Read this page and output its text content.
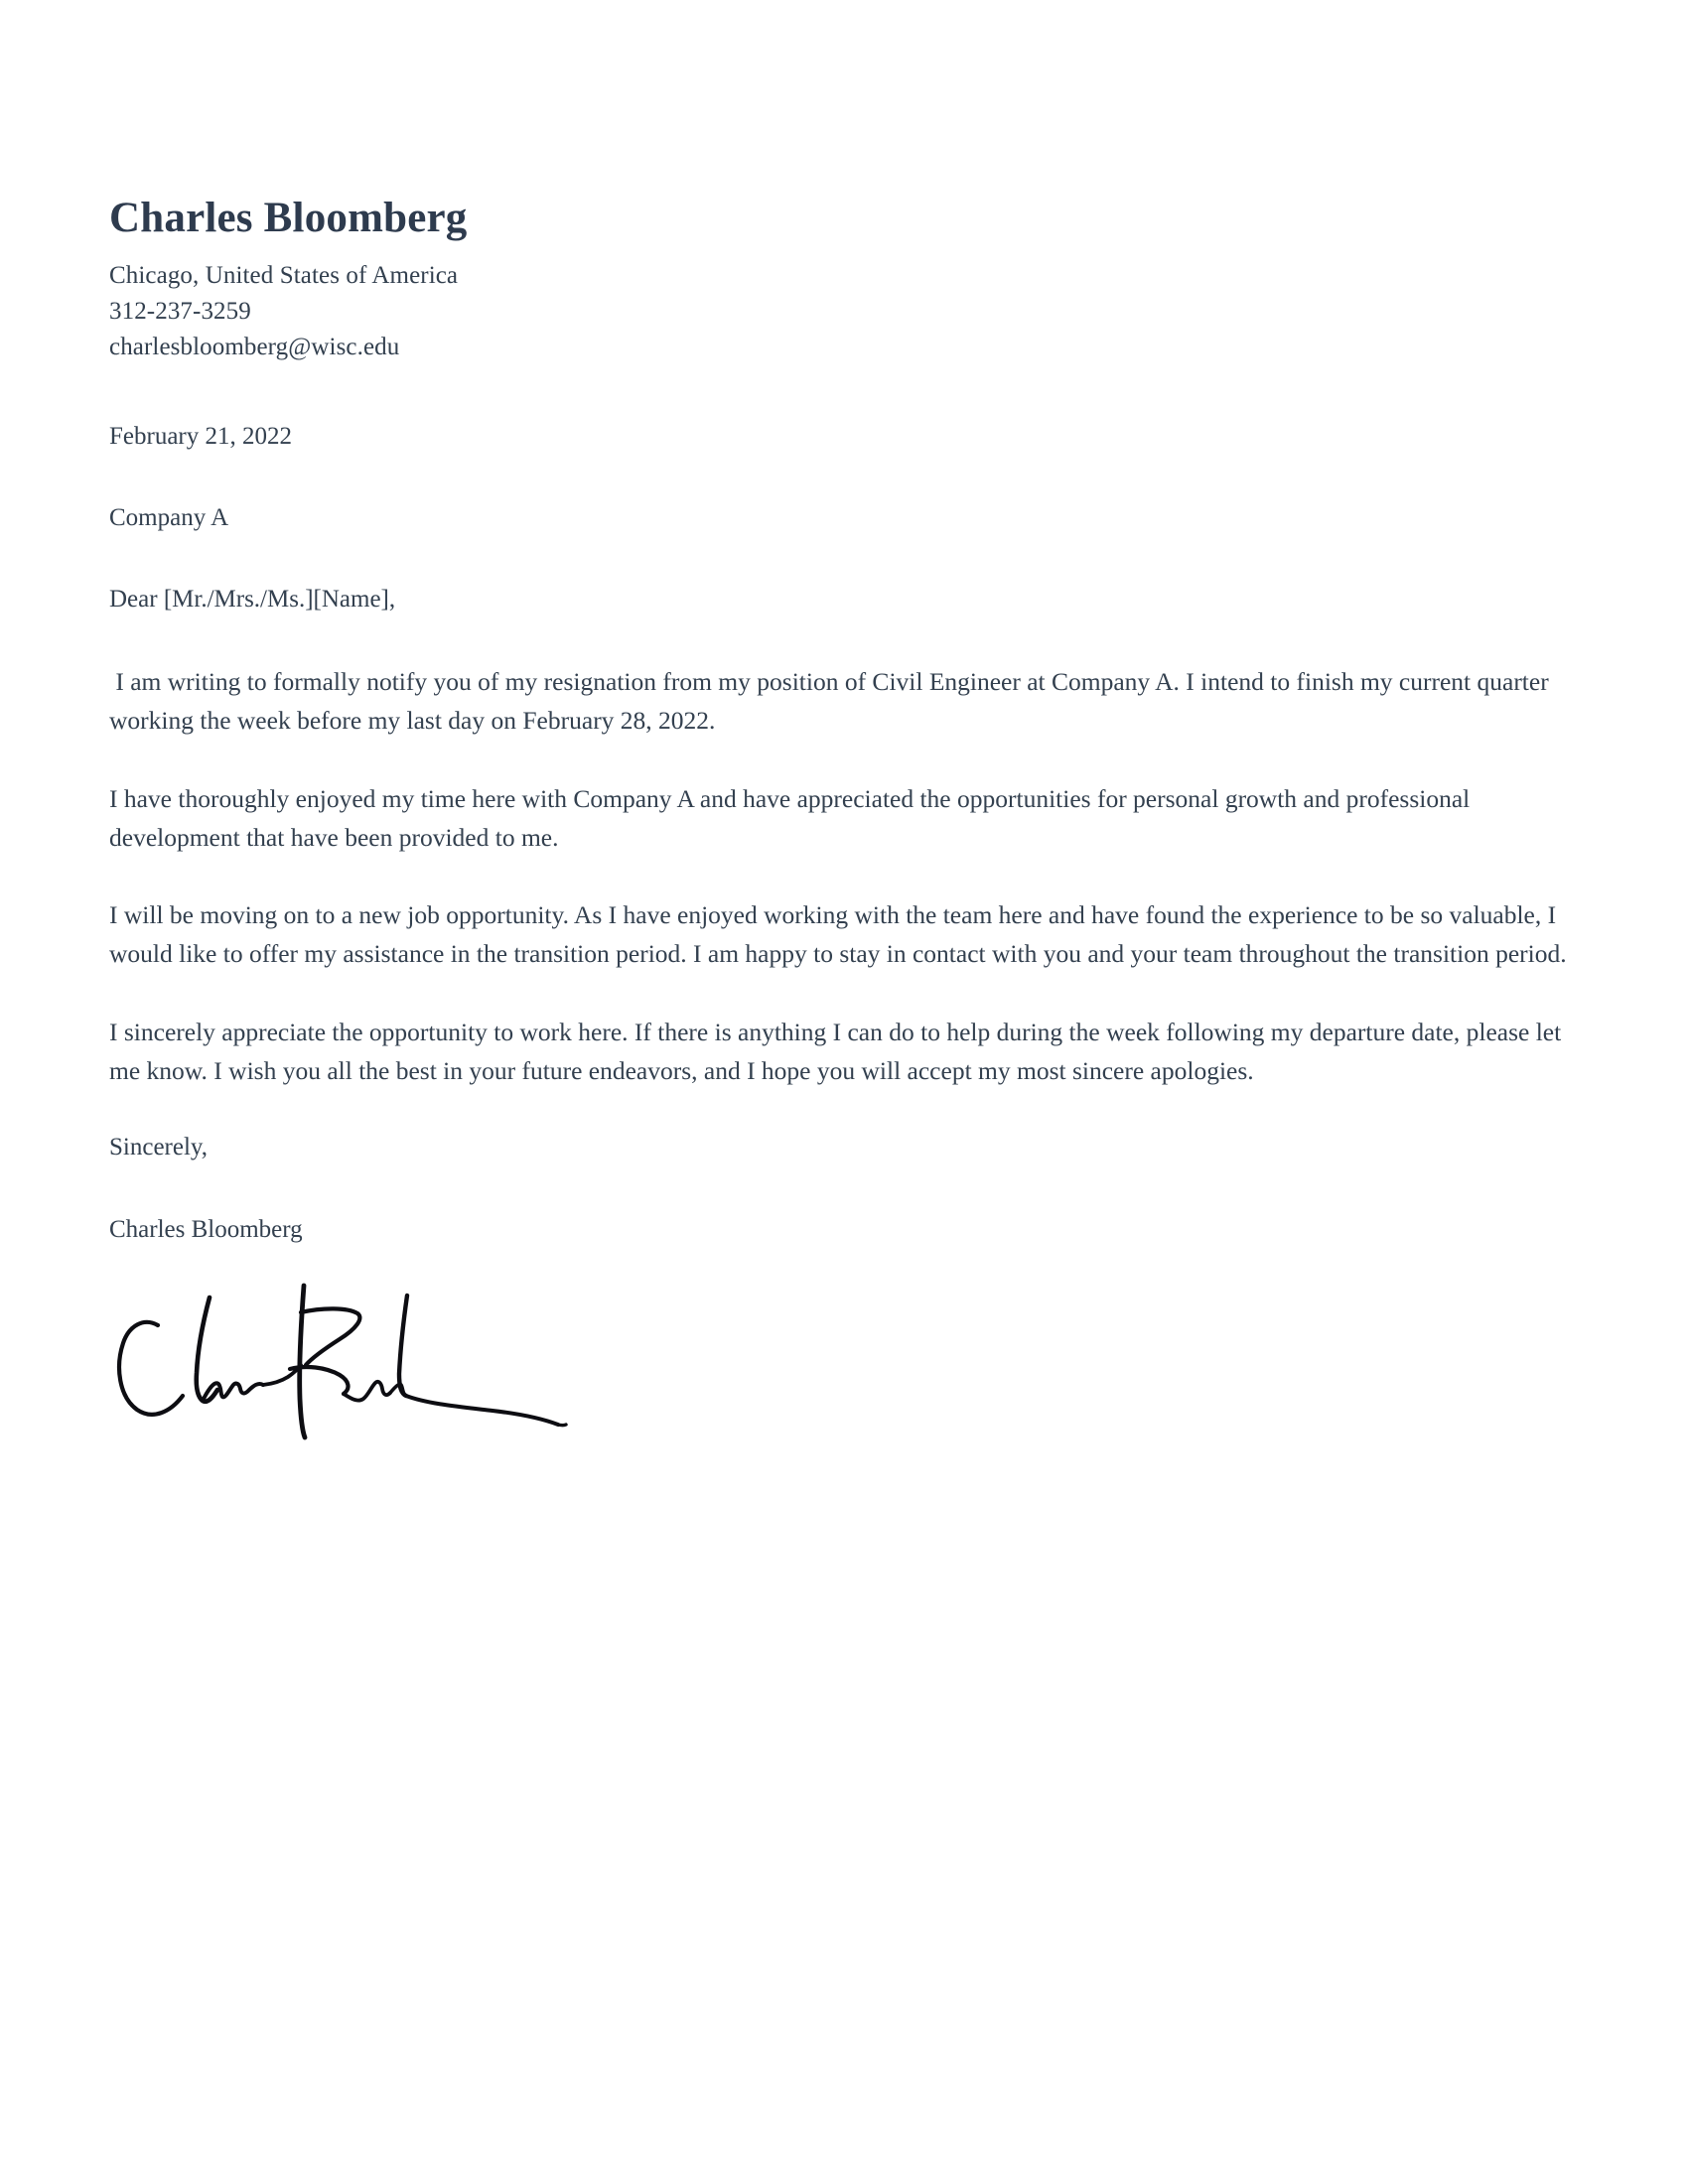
Charles Bloomberg

Chicago, United States of America

312-237-3259

charlesbloomberg@wisc.edu

February 21, 2022

Company A

Dear [Mr./Mrs./Ms.][Name],

I am writing to formally notify you of my resignation from my position of Civil Engineer at Company A. I intend to finish my current quarter working the week before my last day on February 28, 2022.

I have thoroughly enjoyed my time here with Company A and have appreciated the opportunities for personal growth and professional development that have been provided to me.

I will be moving on to a new job opportunity. As I have enjoyed working with the team here and have found the experience to be so valuable, I would like to offer my assistance in the transition period. I am happy to stay in contact with you and your team throughout the transition period.

I sincerely appreciate the opportunity to work here. If there is anything I can do to help during the week following my departure date, please let me know. I wish you all the best in your future endeavors, and I hope you will accept my most sincere apologies.

Sincerely,

Charles Bloomberg
